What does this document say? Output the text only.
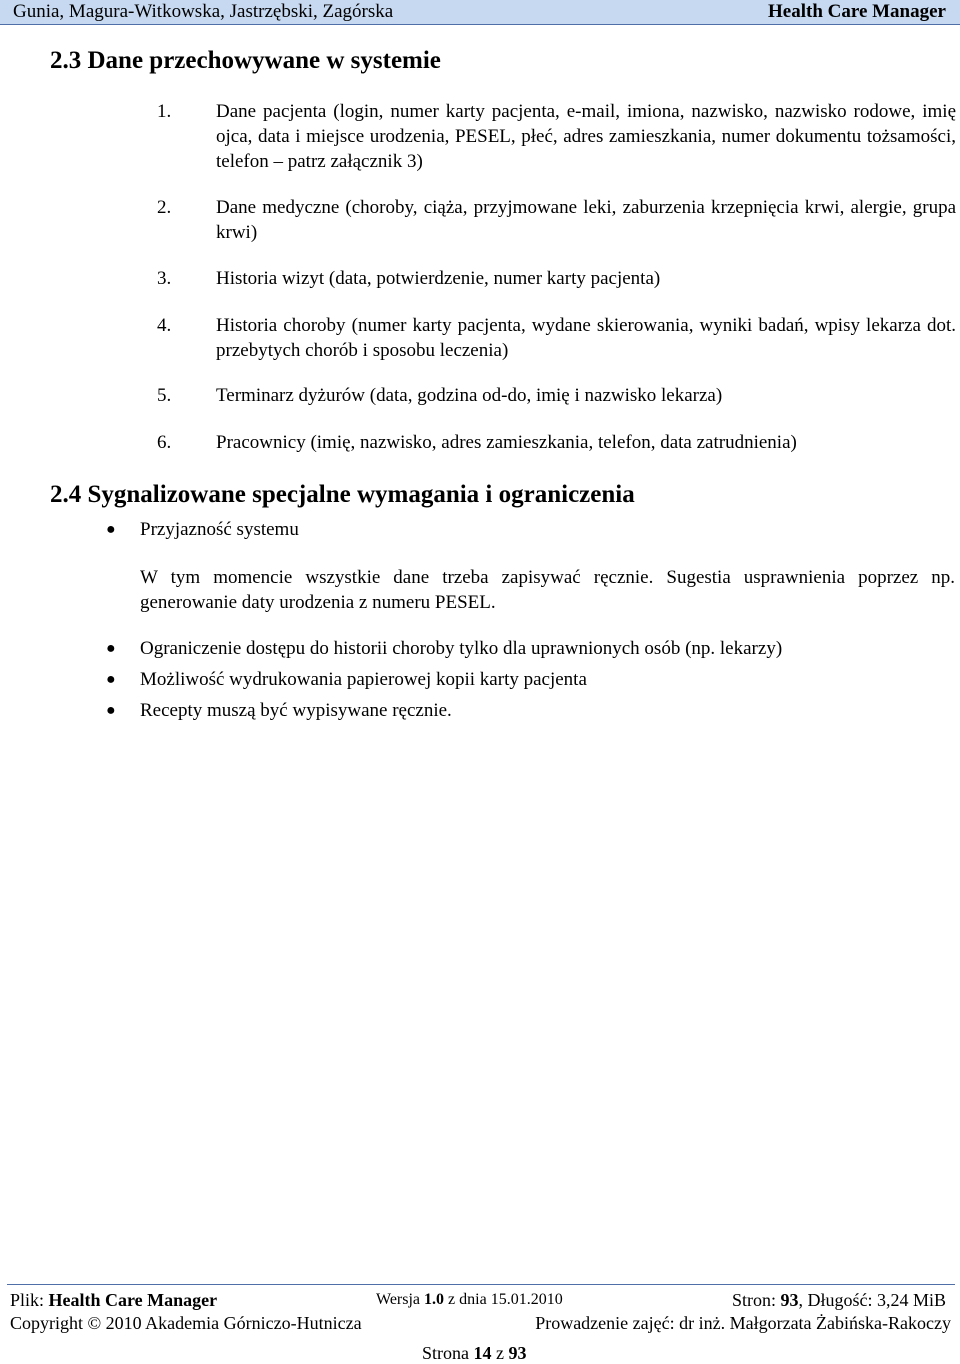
Gunia, Magura-Witkowska, Jastrzębski, Zagórska	Health Care Manager
2.3 Dane przechowywane w systemie
1. Dane pacjenta (login, numer karty pacjenta, e-mail, imiona, nazwisko, nazwisko rodowe, imię ojca, data i miejsce urodzenia, PESEL, płeć, adres zamieszkania, numer dokumentu tożsamości, telefon – patrz załącznik 3)
2. Dane medyczne (choroby, ciąża, przyjmowane leki, zaburzenia krzepnięcia krwi, alergie, grupa krwi)
3. Historia wizyt (data, potwierdzenie, numer karty pacjenta)
4. Historia choroby (numer karty pacjenta, wydane skierowania, wyniki badań, wpisy lekarza dot. przebytych chorób i sposobu leczenia)
5. Terminarz dyżurów (data, godzina od-do, imię i nazwisko lekarza)
6. Pracownicy (imię, nazwisko, adres zamieszkania, telefon, data zatrudnienia)
2.4 Sygnalizowane specjalne wymagania i ograniczenia
● Przyjazność systemu
W tym momencie wszystkie dane trzeba zapisywać ręcznie. Sugestia usprawnienia poprzez np. generowanie daty urodzenia z numeru PESEL.
● Ograniczenie dostępu do historii choroby tylko dla uprawnionych osób (np. lekarzy)
● Możliwość wydrukowania papierowej kopii karty pacjenta
● Recepty muszą być wypisywane ręcznie.
Plik: Health Care Manager	Wersja 1.0 z dnia 15.01.2010	Stron: 93, Długość: 3,24 MiB
Copyright © 2010 Akademia Górniczo-Hutnicza	Prowadzenie zajęć: dr inż. Małgorzata Żabińska-Rakoczy
Strona 14 z 93
